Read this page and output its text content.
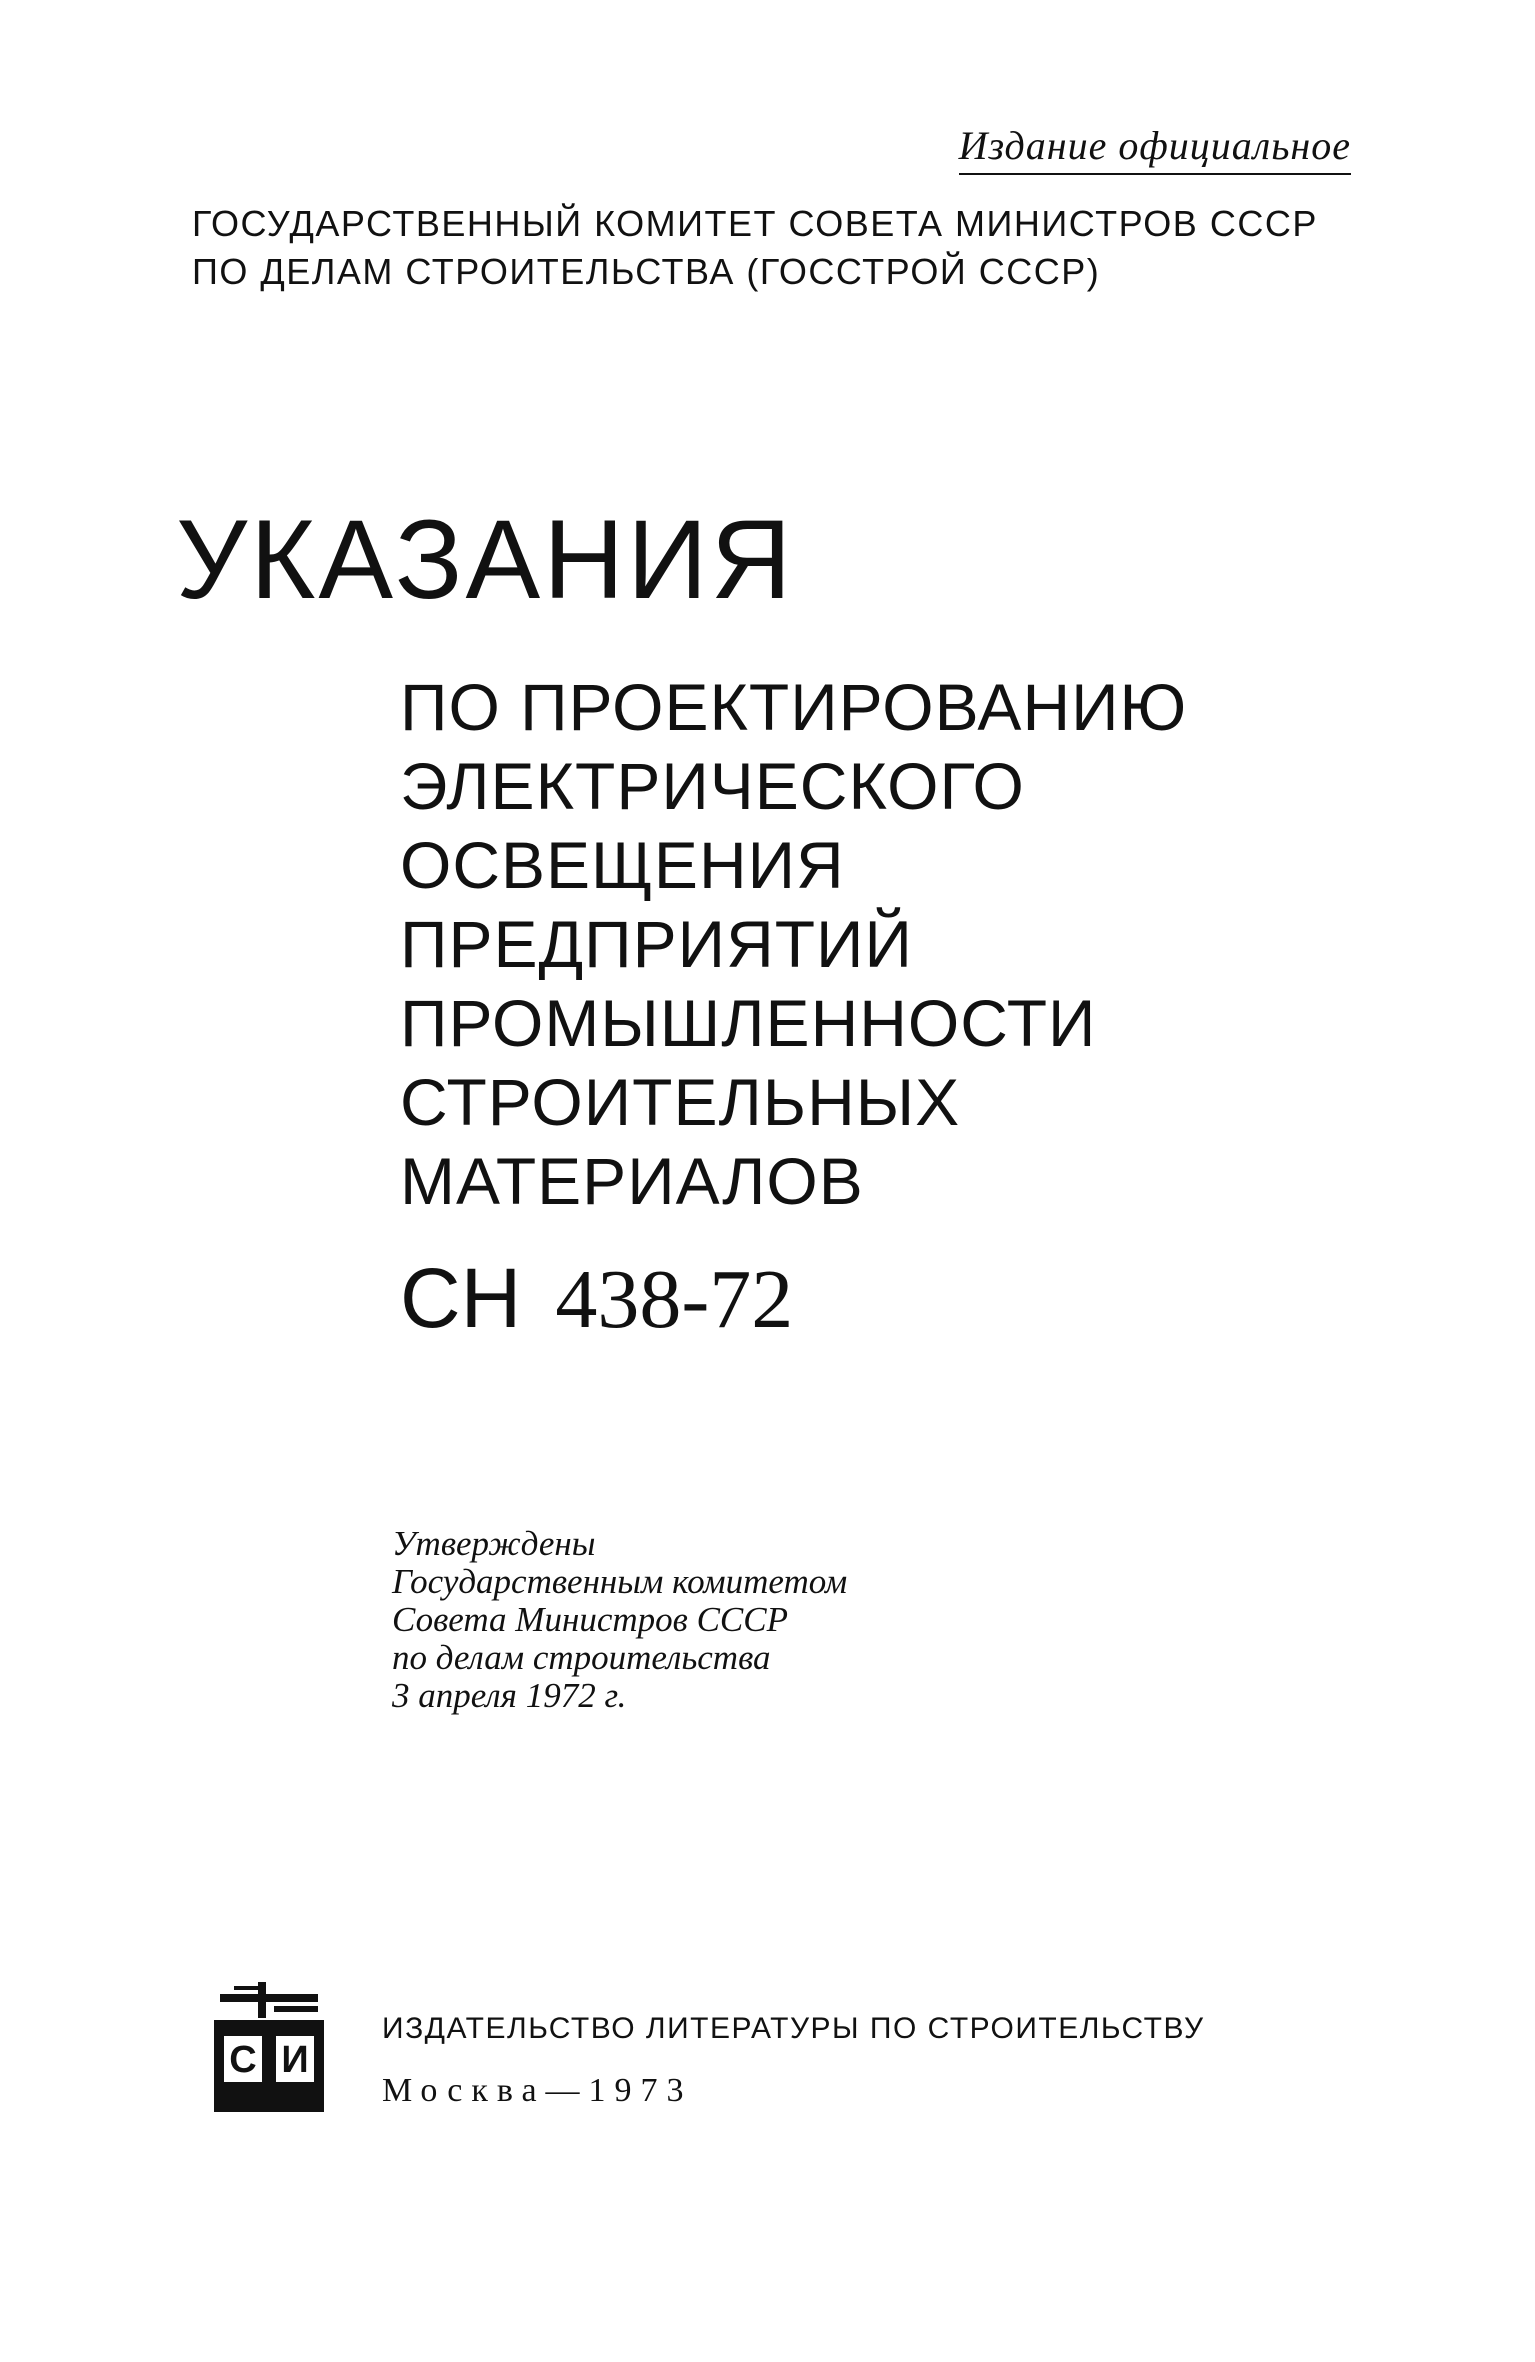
Издание официальное
ГОСУДАРСТВЕННЫЙ КОМИТЕТ СОВЕТА МИНИСТРОВ СССР
ПО ДЕЛАМ СТРОИТЕЛЬСТВА (ГОССТРОЙ СССР)
УКАЗАНИЯ
ПО ПРОЕКТИРОВАНИЮ
ЭЛЕКТРИЧЕСКОГО
ОСВЕЩЕНИЯ
ПРЕДПРИЯТИЙ
ПРОМЫШЛЕННОСТИ
СТРОИТЕЛЬНЫХ
МАТЕРИАЛОВ
СН 438-72
Утверждены
Государственным комитетом
Совета Министров СССР
по делам строительства
3 апреля 1972 г.
С И
ИЗДАТЕЛЬСТВО ЛИТЕРАТУРЫ ПО СТРОИТЕЛЬСТВУ
Москва—1973
